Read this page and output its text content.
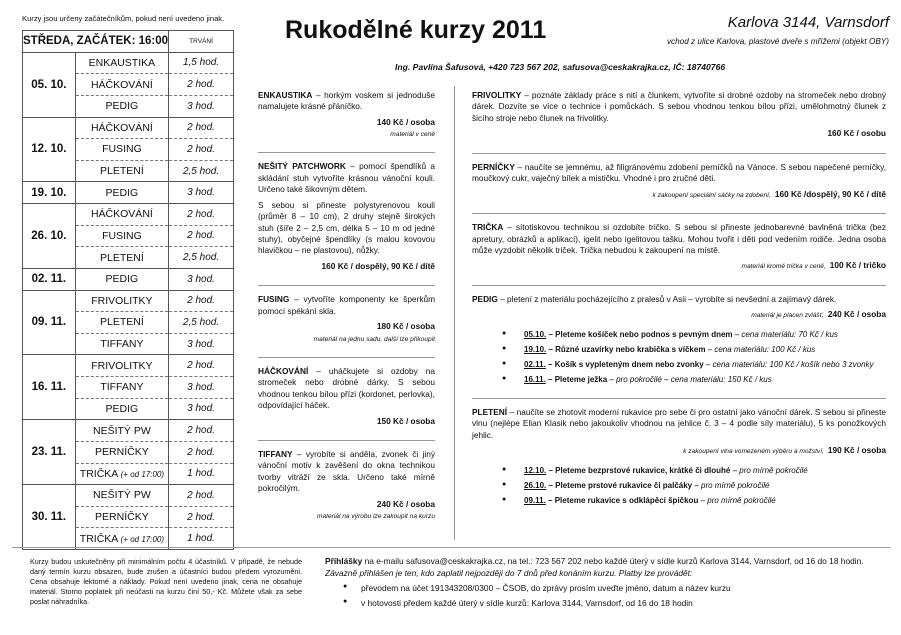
Kurzy jsou určeny začátečníkům, pokud není uvedeno jinak.
STŘEDA, ZAČÁTEK: 16:00		TRVÁNÍ
05. 10.	ENKAUSTIKA	1,5 hod.
	HÁČKOVÁNÍ	2 hod.
	PEDIG	3 hod.
12. 10.	HÁČKOVÁNÍ	2 hod.
	FUSING	2 hod.
	PLETENÍ	2,5 hod.
19. 10.	PEDIG	3 hod.
26. 10.	HÁČKOVÁNÍ	2 hod.
	FUSING	2 hod.
	PLETENÍ	2,5 hod.
02. 11.	PEDIG	3 hod.
09. 11.	FRIVOLITKY	2 hod.
	PLETENÍ	2,5 hod.
	TIFFANY	3 hod.
16. 11.	FRIVOLITKY	2 hod.
	TIFFANY	3 hod.
	PEDIG	3 hod.
23. 11.	NEŠITÝ PW	2 hod.
	PERNÍČKY	2 hod.
	TRIČKA (+ od 17:00)	1 hod.
30. 11.	NEŠITÝ PW	2 hod.
	PERNÍČKY	2 hod.
	TRIČKA (+ od 17:00)	1 hod.
Rukodělné kurzy 2011	Karlova 3144, Varnsdorf
vchod z ulice Karlova, plastové dveře s mřížemi (objekt OBY)
Ing. Pavlína Šafusová, +420 723 567 202, safusova@ceskakrajka.cz, IČ: 18740766
ENKAUSTIKA – horkým voskem si jednoduše namalujete krásné přáníčko.
140 Kč / osoba
materiál v ceně
NEŠITÝ PATCHWORK – pomocí špendlíků a skládání stuh vytvoříte krásnou vánoční kouli. Určeno také šikovným dětem.
S sebou si přineste polystyrenovou kouli (průměr 8 – 10 cm), 2 druhy stejně širokých stuh (šíře 2 – 2,5 cm, délka 5 – 10 m od jedné stuhy), obyčejné špendlíky (s malou kovovou hlavičkou – ne plastovou), nůžky.
160 Kč / dospělý, 90 Kč / dítě
FUSING – vytvoříte komponenty ke šperkům pomocí spékání skla.
180 Kč / osoba
materiál na jednu sadu, další lze přikoupit
HÁČKOVÁNÍ – uháčkujete si ozdoby na stromeček nebo drobné dárky. S sebou vhodnou tenkou bílou přízi (kordonet, perlovka), odpovídající háček.
150 Kč / osoba
TIFFANY – vyrobíte si anděla, zvonek či jiný vánoční motiv k zavěšení do okna technikou tvorby vitráží ze skla. Určeno také mírně pokročilým.
240 Kč / osoba
materiál na výrobu lze zakoupit na kurzu
FRIVOLITKY – poznáte základy práce s nití a člunkem, vytvoříte si drobné ozdoby na stromeček nebo drobný dárek. Dozvíte se více o technice i pomůckách. S sebou vhodnou tenkou bílou přízi, umělohmotný člunek z šicího stroje nebo člunek na frivolitky.
160 Kč / osobu
PERNÍČKY – naučíte se jemnému, až filigránovému zdobení perníčků na Vánoce. S sebou napečené perníčky, moučkový cukr, vaječný bílek a mističku. Vhodné i pro zručné děti.
k zakoupení speciální sáčky na zdobení, 160 Kč /dospělý, 90 Kč / dítě
TRIČKA – sítotiskovou technikou si ozdobíte tričko. S sebou si přineste jednobarevné bavlněná trička (bez apretury, obrázků a aplikací), igelit nebo igelitovou tašku. Mohou tvořit i děti pod vedením rodiče. Jedna osoba může vyzdobit několik triček. Trička nebudou k zakoupení na místě.
materiál kromě trička v ceně, 100 Kč / tričko
PEDIG – pletení z materiálu pocházejícího z pralesů v Asii – vyrobíte si nevšední a zajímavý dárek.
materiál je placen zvlášť, 240 Kč / osoba
● 05.10. – Pleteme košíček nebo podnos s pevným dnem – cena materiálu: 70 Kč / kus
● 19.10. – Různé uzavírky nebo krabička s víčkem – cena materiálu: 100 Kč / kus
● 02.11. – Košík s vypleteným dnem nebo zvonky – cena materiálu: 100 Kč / košík nebo 3 zvonky
● 16.11. – Pleteme ježka – pro pokročilé – cena materiálu: 150 Kč / kus
PLETENÍ – naučíte se zhotovit moderní rukavice pro sebe či pro ostatní jako vánoční dárek. S sebou si přineste vlnu (nejlépe Elian Klasik nebo jakoukoliv vhodnou na jehlice č. 3 – 4 podle síly materiálu), 5 ks ponožkových jehlic.
k zakoupení vlna vomezeném výběru a možství, 190 Kč / osoba
● 12.10. – Pleteme bezprstové rukavice, krátké či dlouhé – pro mírně pokročilé
● 26.10. – Pleteme prstové rukavice či palčáky – pro mírně pokročilé
● 09.11. – Pleteme rukavice s odklápěcí špičkou – pro mírně pokročilé
Kurzy budou uskutečněny při minimálním počtu 4 účastníků. V případě, že nebude daný termín kurzu obsazen, bude zrušen a účastníci budou předem vyrozuměni. Cena obsahuje lektorné a náklady. Pokud není uvedeno jinak, cena ne obsahuje materiál. Storno poplatek při neúčasti na kurzu činí 50,- Kč. Můžete však za sebe poslat náhradníka.
Přihlášky na e-mailu safusova@ceskakrajka.cz, na tel.: 723 567 202 nebo každé úterý v sídle kurzů Karlova 3144, Varnsdorf, od 16 do 18 hodin.
Závazně přihlášen je ten, kdo zaplatil nejpozději do 7 dnů před konáním kurzu. Platby lze provádět:
● převodem na účet 191343208/0300 – ČSOB, do zprávy prosím uveďte jméno, datum a název kurzu
● v hotovosti předem každé úterý v sídle kurzů: Karlova 3144, Varnsdorf, od 16 do 18 hodin
